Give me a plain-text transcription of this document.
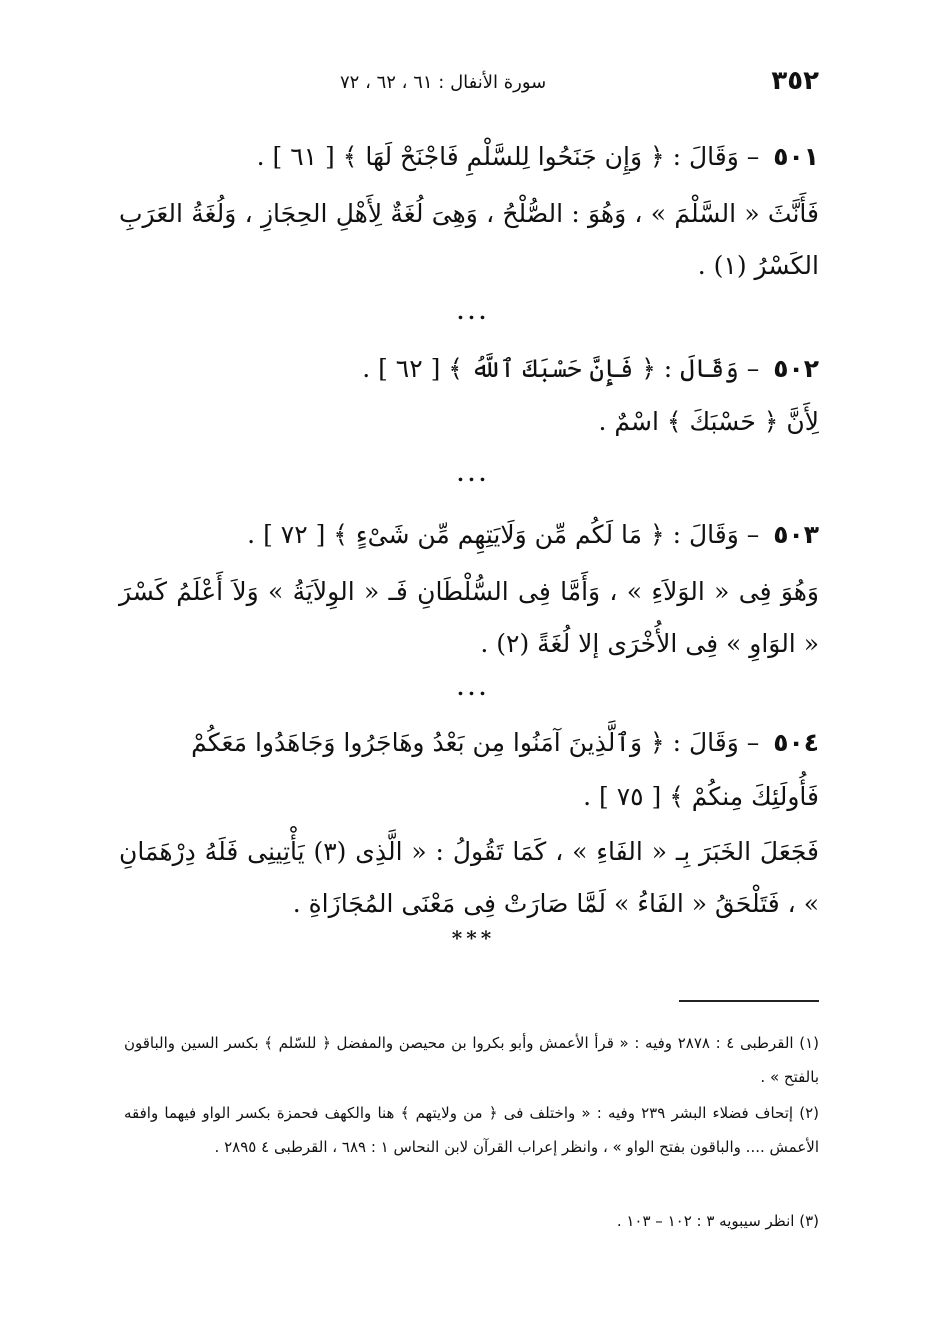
٣٥٢
سورة الأنفال : ٦١ ، ٦٢ ، ٧٢
٥٠١– وَقَالَ : ﴿ وَإِن جَنَحُوا لِلسَّلْمِ فَاجْنَحْ لَهَا ﴾ [ ٦١ ] .
فَأَنَّثَ « السَّلْمَ » ، وَهُوَ : الصُّلْحُ ، وَهِىَ لُغَةٌ لِأَهْلِ الحِجَازِ ، وَلُغَةُ العَرَبِ الكَسْرُ (١) .
...
٥٠٢– وَقَالَ : ﴿ فَإِنَّ حَسْبَكَ ٱللَّهُ ﴾ [ ٦٢ ] .
لِأَنَّ ﴿ حَسْبَكَ ﴾ اسْمٌ .
...
٥٠٣– وَقَالَ : ﴿ مَا لَكُم مِّن وَلَايَتِهِم مِّن شَىْءٍ ﴾ [ ٧٢ ] .
وَهُوَ فِى « الوَلاَءِ » ، وَأَمَّا فِى السُّلْطَانِ فَـ « الوِلاَيَةُ » وَلاَ أَعْلَمُ كَسْرَ « الوَاوِ » فِى الأُخْرَى إلا لُغَةً (٢) .
...
٥٠٤– وَقَالَ : ﴿ وَٱلَّذِينَ آمَنُوا مِن بَعْدُ وهَاجَرُوا وَجَاهَدُوا مَعَكُمْ فَأُولَئِكَ مِنكُمْ ﴾ [ ٧٥ ] .
فَجَعَلَ الخَبَرَ بِـ « الفَاءِ » ، كَمَا تَقُولُ : « الَّذِى (٣) يَأْتِينِى فَلَهُ دِرْهَمَانِ » ، فَتَلْحَقُ « الفَاءُ » لَمَّا صَارَتْ فِى مَعْنَى المُجَازَاةِ .
***
(١) القرطبى ٤ : ٢٨٧٨ وفيه : « قرأ الأعمش وأبو بكروا بن محيصن والمفضل ﴿ للسّلم ﴾ بكسر السين والباقون بالفتح » .
(٢) إتحاف فضلاء البشر ٢٣٩ وفيه : « واختلف فى ﴿ من ولايتهم ﴾ هنا والكهف فحمزة بكسر الواو فيهما وافقه الأعمش .... والباقون بفتح الواو » ، وانظر إعراب القرآن لابن النحاس ١ : ٦٨٩ ، القرطبى ٤ ٢٨٩٥ .
(٣) انظر سيبويه ٣ : ١٠٢ – ١٠٣ .
